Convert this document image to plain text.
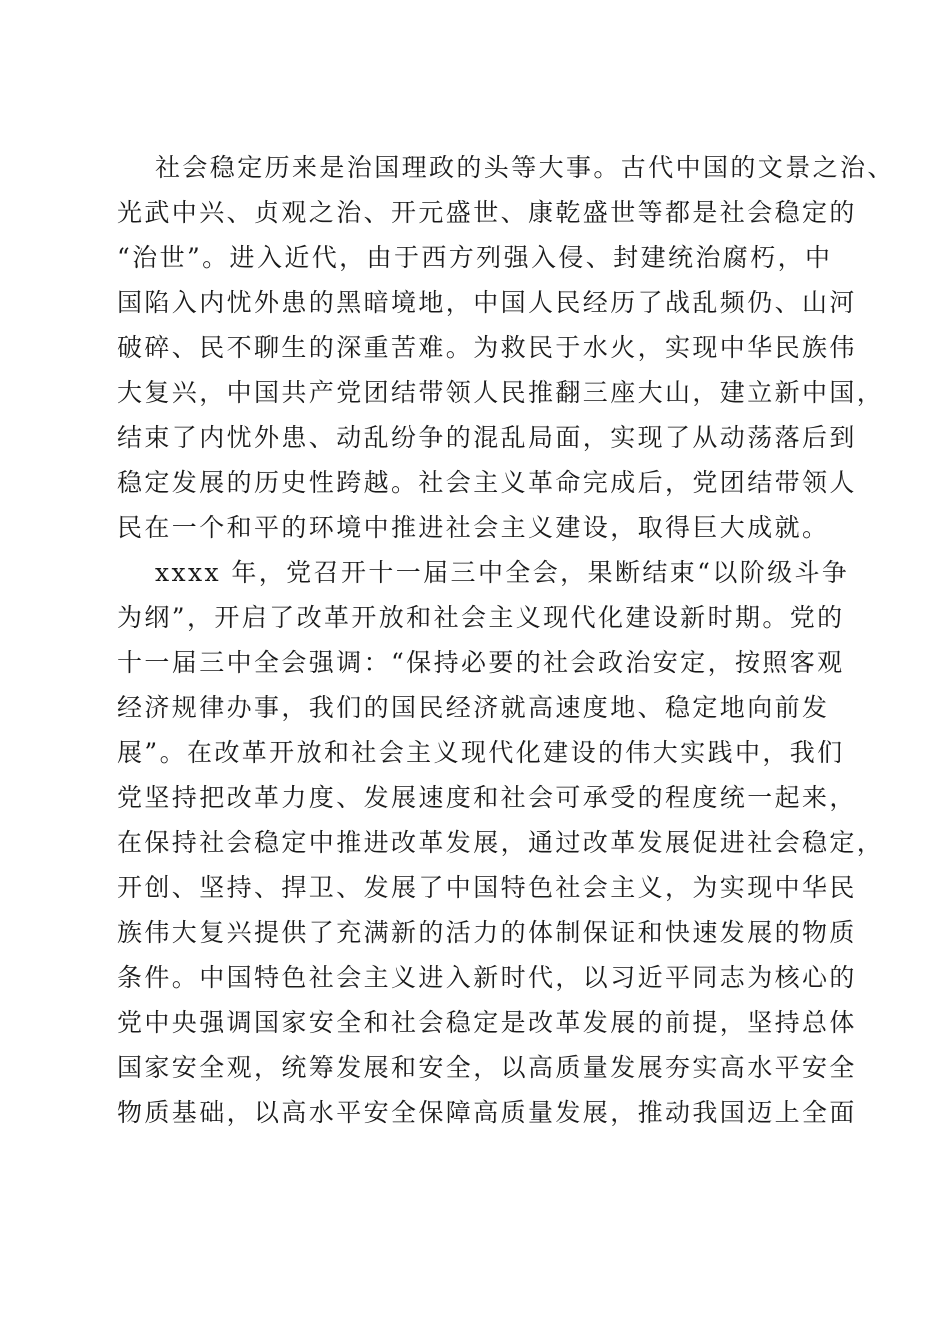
社会稳定历来是治国理政的头等大事。古代中国的文景之治、
光武中兴、贞观之治、开元盛世、康乾盛世等都是社会稳定的
“治世”。进入近代，由于西方列强入侵、封建统治腐朽，中
国陷入内忧外患的黑暗境地，中国人民经历了战乱频仍、山河
破碎、民不聊生的深重苦难。为救民于水火，实现中华民族伟
大复兴，中国共产党团结带领人民推翻三座大山，建立新中国，
结束了内忧外患、动乱纷争的混乱局面，实现了从动荡落后到
稳定发展的历史性跨越。社会主义革命完成后，党团结带领人
民在一个和平的环境中推进社会主义建设，取得巨大成就。
xxxx 年，党召开十一届三中全会，果断结束“以阶级斗争
为纲”，开启了改革开放和社会主义现代化建设新时期。党的
十一届三中全会强调：“保持必要的社会政治安定，按照客观
经济规律办事，我们的国民经济就高速度地、稳定地向前发
展”。在改革开放和社会主义现代化建设的伟大实践中，我们
党坚持把改革力度、发展速度和社会可承受的程度统一起来，
在保持社会稳定中推进改革发展，通过改革发展促进社会稳定，
开创、坚持、捍卫、发展了中国特色社会主义，为实现中华民
族伟大复兴提供了充满新的活力的体制保证和快速发展的物质
条件。中国特色社会主义进入新时代，以习近平同志为核心的
党中央强调国家安全和社会稳定是改革发展的前提，坚持总体
国家安全观，统筹发展和安全，以高质量发展夯实高水平安全
物质基础，以高水平安全保障高质量发展，推动我国迈上全面
